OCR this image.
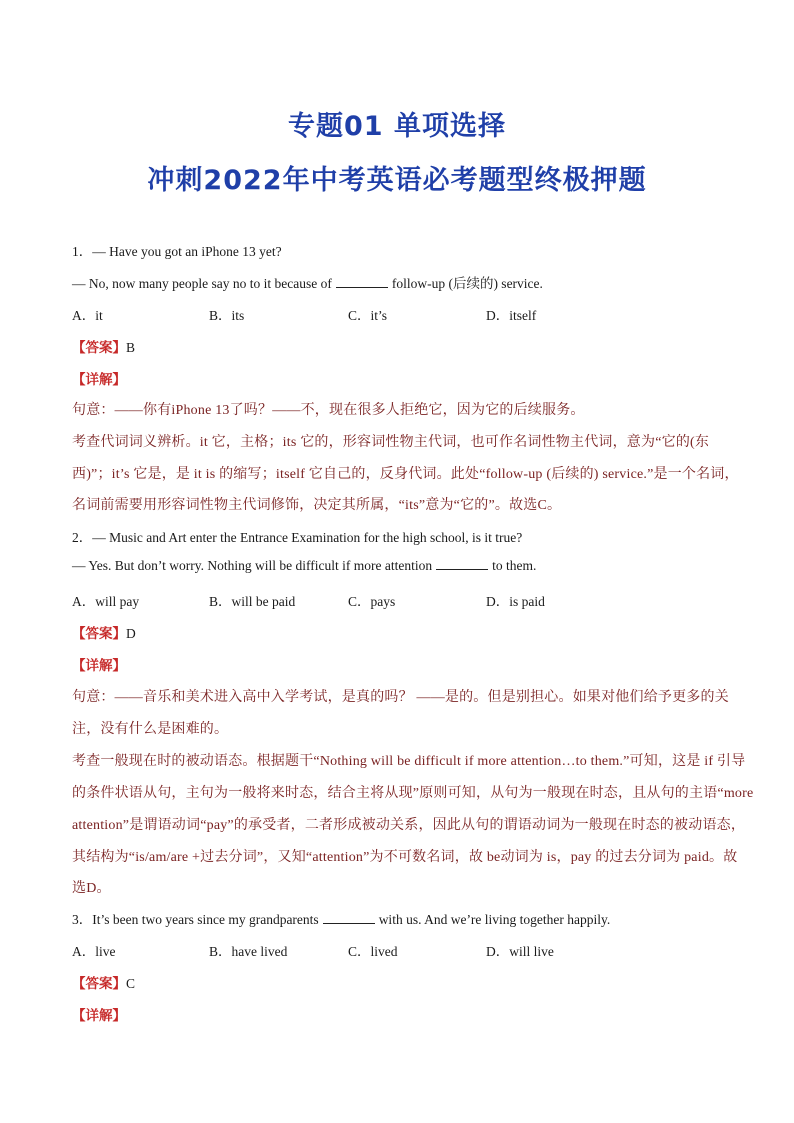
专题01 单项选择
冲刺2022年中考英语必考题型终极押题
1．— Have you got an iPhone 13 yet?
— No, now many people say no to it because of	follow-up (后续的) service.
A．it	B．its	C．it’s	D．itself
【答案】B
【详解】
句意：——你有iPhone 13了吗？——不，现在很多人拒绝它，因为它的后续服务。
考查代词词义辨析。it 它，主格；its 它的，形容词性物主代词，也可作名词性物主代词，意为“它的(东
西)”；it’s 它是，是 it is 的缩写；itself 它自己的，反身代词。此处“follow-up (后续的) service.”是一个名词，
名词前需要用形容词性物主代词修饰，决定其所属，“its”意为“它的”。故选C。
2．— Music and Art enter the Entrance Examination for the high school, is it true?
— Yes. But don’t worry. Nothing will be difficult if more attention	to them.
A．will pay	B．will be paid	C．pays	D．is paid
【答案】D
【详解】
句意：——音乐和美术进入高中入学考试，是真的吗？ ——是的。但是别担心。如果对他们给予更多的关
注，没有什么是困难的。
考查一般现在时的被动语态。根据题干“Nothing will be difficult if more attention…to them.”可知，这是 if 引导
的条件状语从句，主句为一般将来时态，结合主将从现”原则可知，从句为一般现在时态，且从句的主语“more
attention”是谓语动词“pay”的承受者，二者形成被动关系，因此从句的谓语动词为一般现在时态的被动语态，
其结构为“is/am/are +过去分词”，又知“attention”为不可数名词，故 be动词为 is，pay 的过去分词为 paid。故
选D。
3．It’s been two years since my grandparents	with us. And we’re living together happily.
A．live	B．have lived	C．lived	D．will live
【答案】C
【详解】
